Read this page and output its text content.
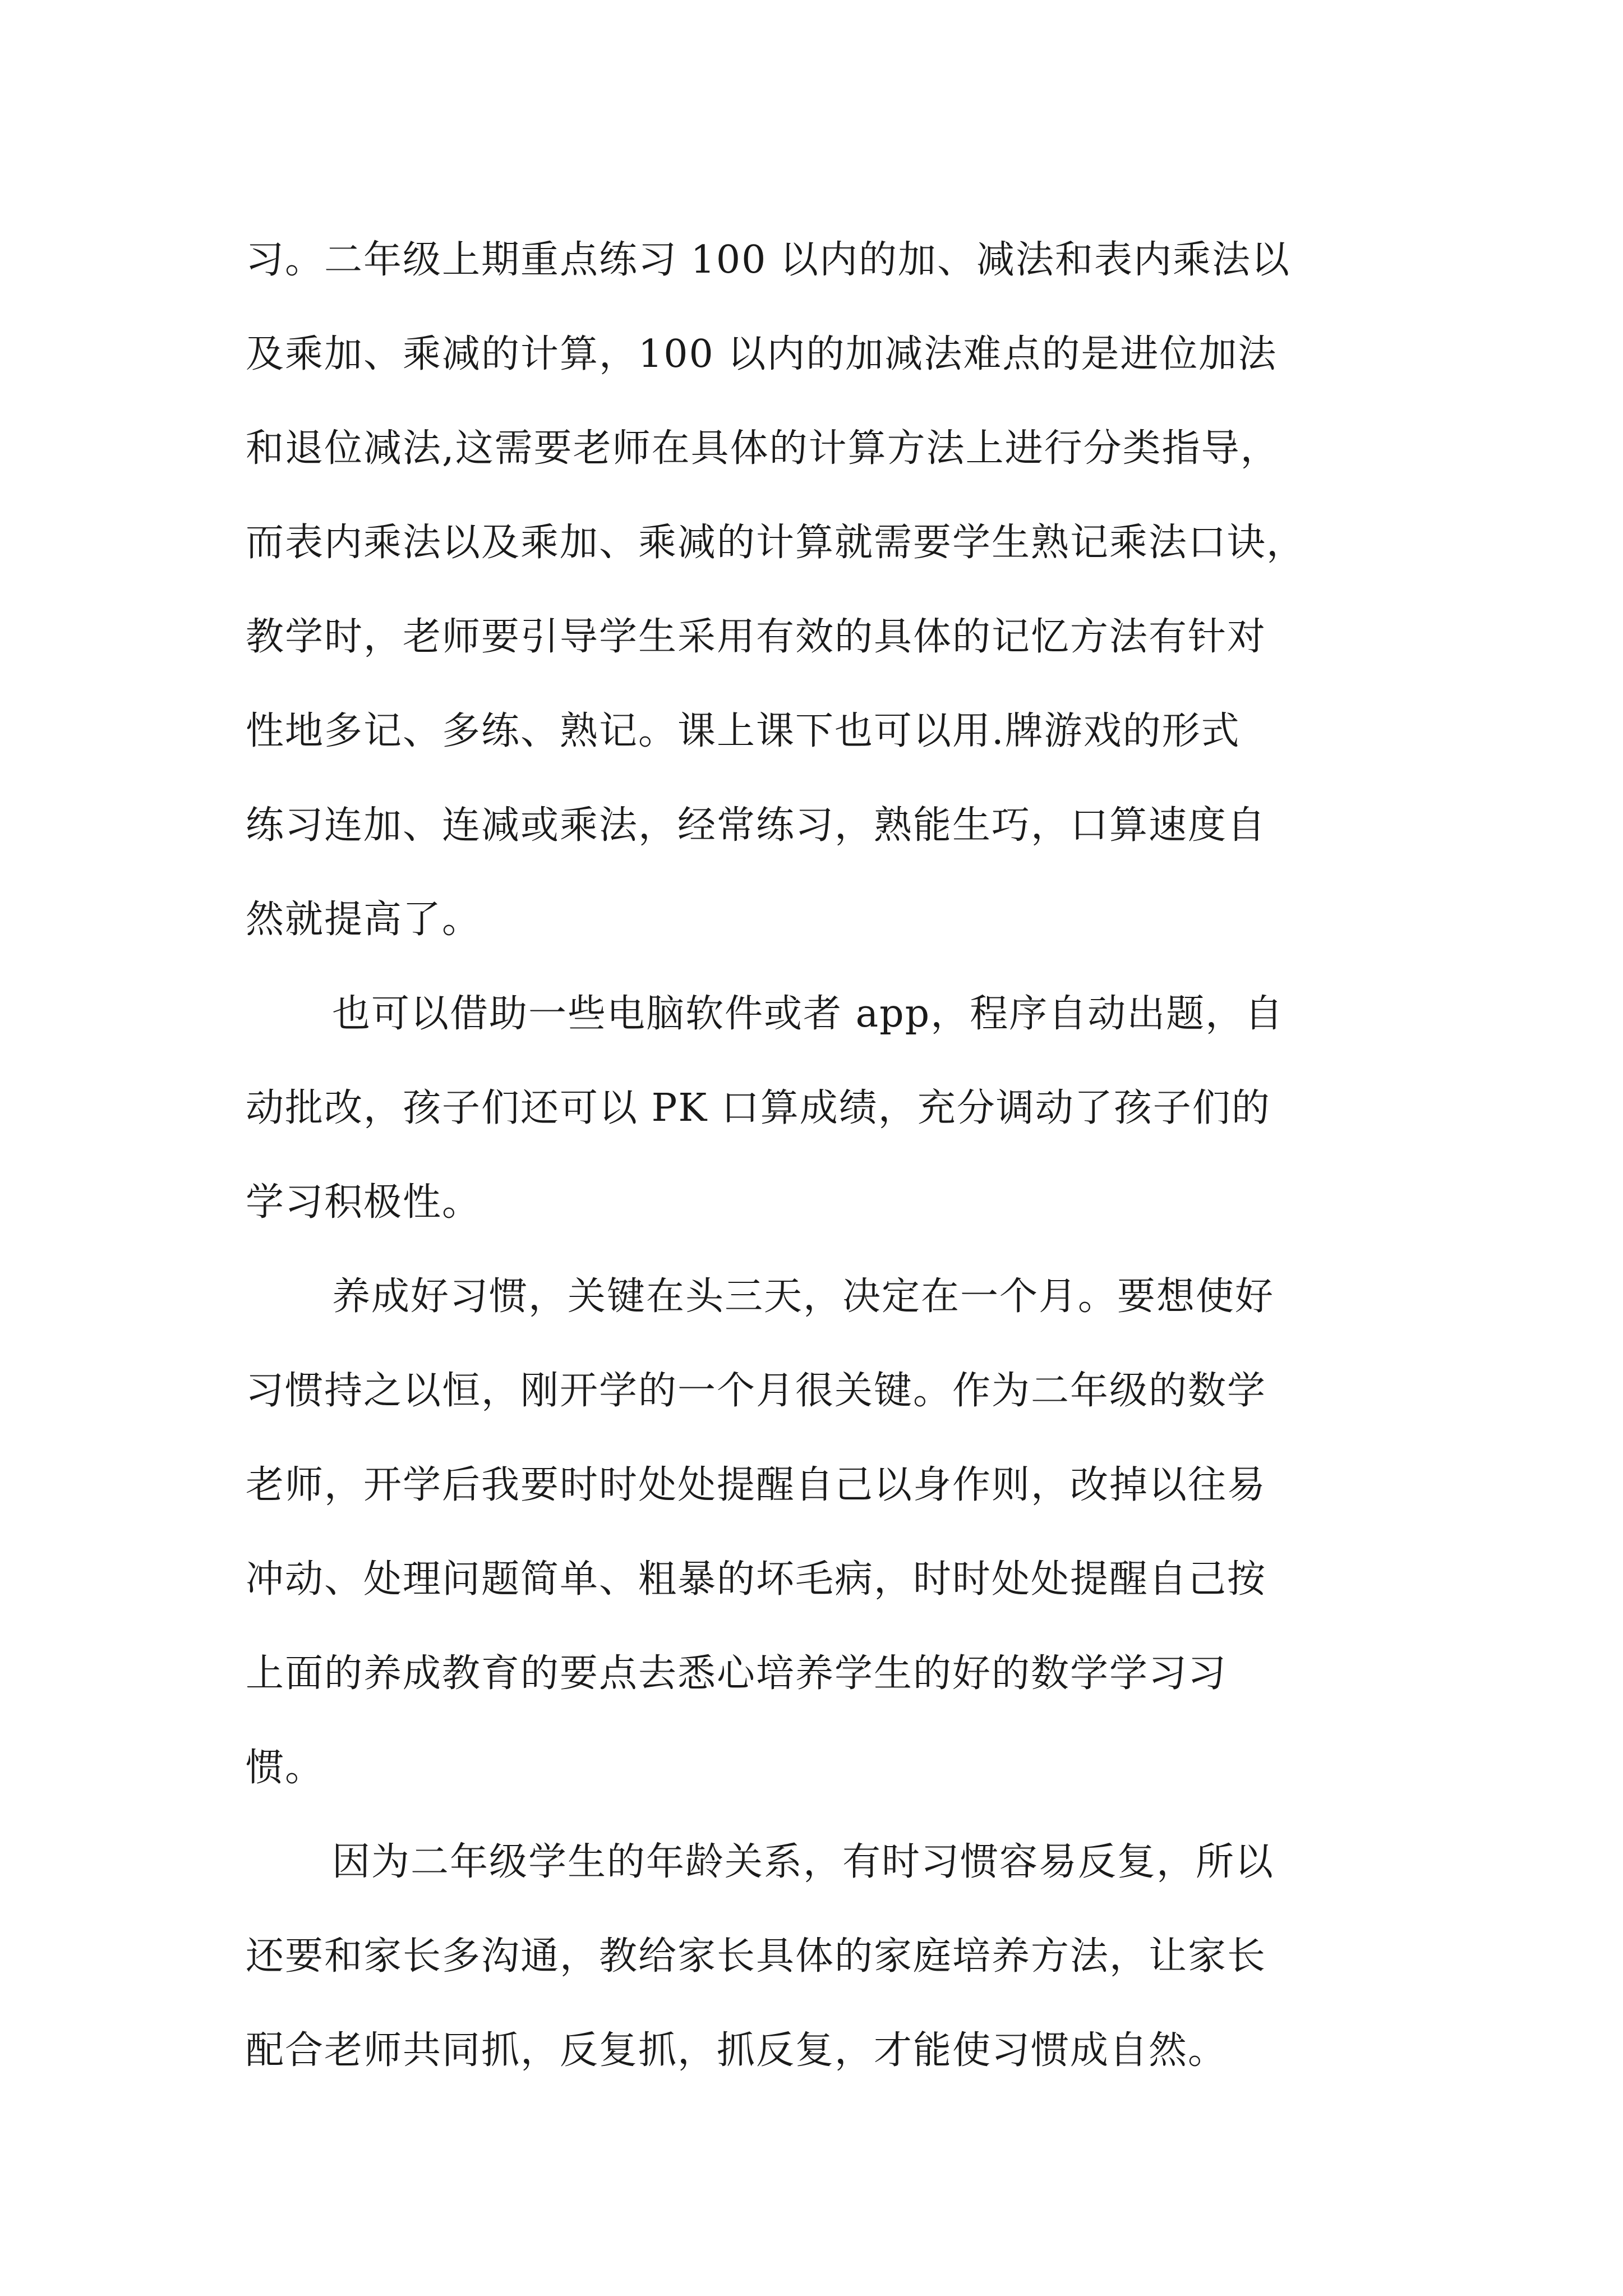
习。二年级上期重点练习 100 以内的加、减法和表内乘法以
及乘加、乘减的计算，100 以内的加减法难点的是进位加法
和退位减法,这需要老师在具体的计算方法上进行分类指导，
而表内乘法以及乘加、乘减的计算就需要学生熟记乘法口诀，
教学时，老师要引导学生采用有效的具体的记忆方法有针对
性地多记、多练、熟记。课上课下也可以用.牌游戏的形式
练习连加、连减或乘法，经常练习，熟能生巧，口算速度自
然就提高了。
也可以借助一些电脑软件或者 app，程序自动出题，自
动批改，孩子们还可以 PK 口算成绩，充分调动了孩子们的
学习积极性。
养成好习惯，关键在头三天，决定在一个月。要想使好
习惯持之以恒，刚开学的一个月很关键。作为二年级的数学
老师，开学后我要时时处处提醒自己以身作则，改掉以往易
冲动、处理问题简单、粗暴的坏毛病，时时处处提醒自己按
上面的养成教育的要点去悉心培养学生的好的数学学习习
惯。
因为二年级学生的年龄关系，有时习惯容易反复，所以
还要和家长多沟通，教给家长具体的家庭培养方法，让家长
配合老师共同抓，反复抓，抓反复，才能使习惯成自然。
